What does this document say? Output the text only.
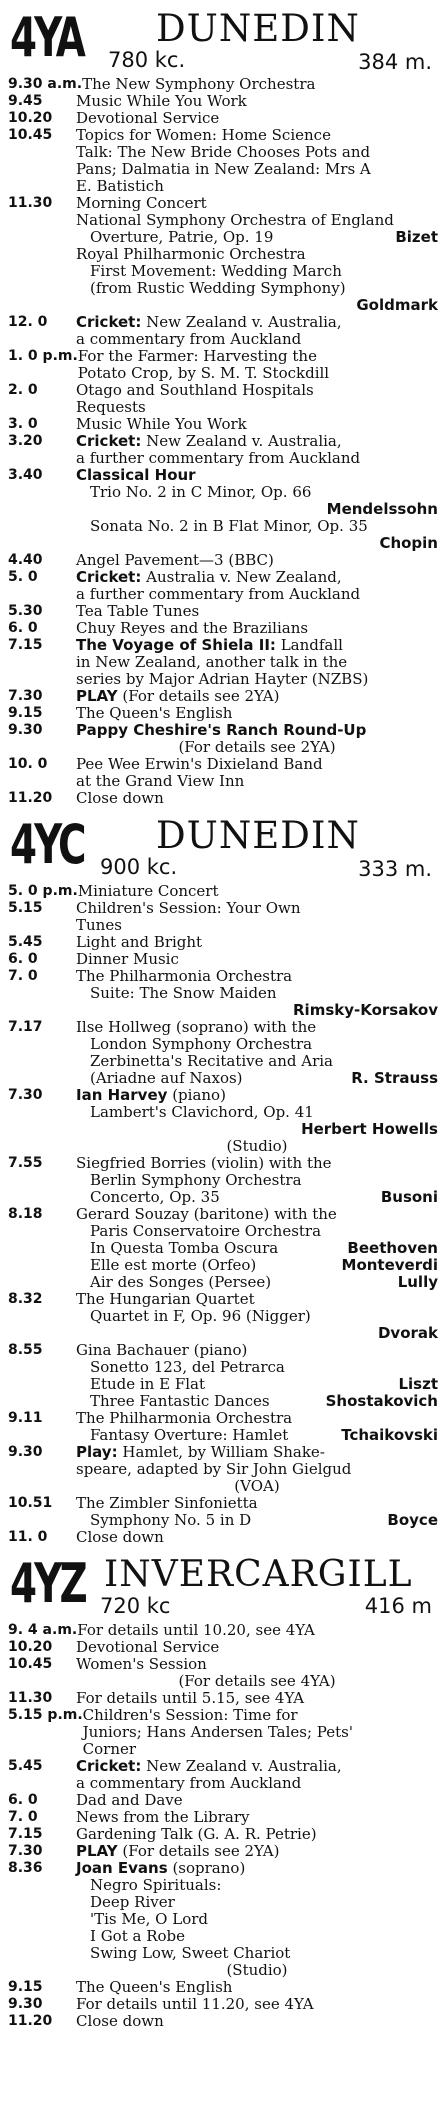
4YA DUNEDIN
780 kc.	384 m.
9.30 a.m. The New Symphony Orchestra
9.45	Music While You Work
10.20	Devotional Service
10.45	Topics for Women: Home Science
Talk: The New Bride Chooses Pots and
Pans; Dalmatia in New Zealand: Mrs A
E. Batistich
11.30	Morning Concert
National Symphony Orchestra of England
Overture, Patrie, Op. 19	Bizet
Royal Philharmonic Orchestra
First Movement: Wedding March
(from Rustic Wedding Symphony)
Goldmark
12. 0	Cricket: New Zealand v. Australia,
a commentary from Auckland
1. 0 p.m. For the Farmer: Harvesting the
Potato Crop, by S. M. T. Stockdill
2. 0	Otago and Southland Hospitals
Requests
3. 0	Music While You Work
3.20	Cricket: New Zealand v. Australia,
a further commentary from Auckland
3.40	Classical Hour
Trio No. 2 in C Minor, Op. 66
Mendelssohn
Sonata No. 2 in B Flat Minor, Op. 35
Chopin
4.40	Angel Pavement—3 (BBC)
5. 0	Cricket: Australia v. New Zealand,
a further commentary from Auckland
5.30	Tea Table Tunes
6. 0	Chuy Reyes and the Brazilians
7.15	The Voyage of Shiela II: Landfall
in New Zealand, another talk in the
series by Major Adrian Hayter (NZBS)
7.30	PLAY (For details see 2YA)
9.15	The Queen's English
9.30	Pappy Cheshire's Ranch Round-Up
(For details see 2YA)
10. 0	Pee Wee Erwin's Dixieland Band
at the Grand View Inn
11.20	Close down
4YC DUNEDIN
900 kc.	333 m.
5. 0 p.m. Miniature Concert
5.15	Children's Session: Your Own
Tunes
5.45	Light and Bright
6. 0	Dinner Music
7. 0	The Philharmonia Orchestra
Suite: The Snow Maiden
Rimsky-Korsakov
7.17	Ilse Hollweg (soprano) with the
London Symphony Orchestra
Zerbinetta's Recitative and Aria
(Ariadne auf Naxos)	R. Strauss
7.30	Ian Harvey (piano)
Lambert's Clavichord, Op. 41
Herbert Howells
(Studio)
7.55	Siegfried Borries (violin) with the
Berlin Symphony Orchestra
Concerto, Op. 35	Busoni
8.18	Gerard Souzay (baritone) with the
Paris Conservatoire Orchestra
In Questa Tomba Oscura	Beethoven
Elle est morte (Orfeo)	Monteverdi
Air des Songes (Persee)	Lully
8.32	The Hungarian Quartet
Quartet in F, Op. 96 (Nigger)
Dvorak
8.55	Gina Bachauer (piano)
Sonetto 123, del Petrarca
Etude in E Flat	Liszt
Three Fantastic Dances	Shostakovich
9.11	The Philharmonia Orchestra
Fantasy Overture: Hamlet	Tchaikovski
9.30	Play: Hamlet, by William Shake-
speare, adapted by Sir John Gielgud
(VOA)
10.51	The Zimbler Sinfonietta
Symphony No. 5 in D	Boyce
11. 0	Close down
4YZ INVERCARGILL
720 kc	416 m
9. 4 a.m. For details until 10.20, see 4YA
10.20	Devotional Service
10.45	Women's Session
(For details see 4YA)
11.30	For details until 5.15, see 4YA
5.15 p.m. Children's Session: Time for
Juniors; Hans Andersen Tales; Pets'
Corner
5.45	Cricket: New Zealand v. Australia,
a commentary from Auckland
6. 0	Dad and Dave
7. 0	News from the Library
7.15	Gardening Talk (G. A. R. Petrie)
7.30	PLAY (For details see 2YA)
8.36	Joan Evans (soprano)
Negro Spirituals:
Deep River
'Tis Me, O Lord
I Got a Robe
Swing Low, Sweet Chariot
(Studio)
9.15	The Queen's English
9.30	For details until 11.20, see 4YA
11.20	Close down
